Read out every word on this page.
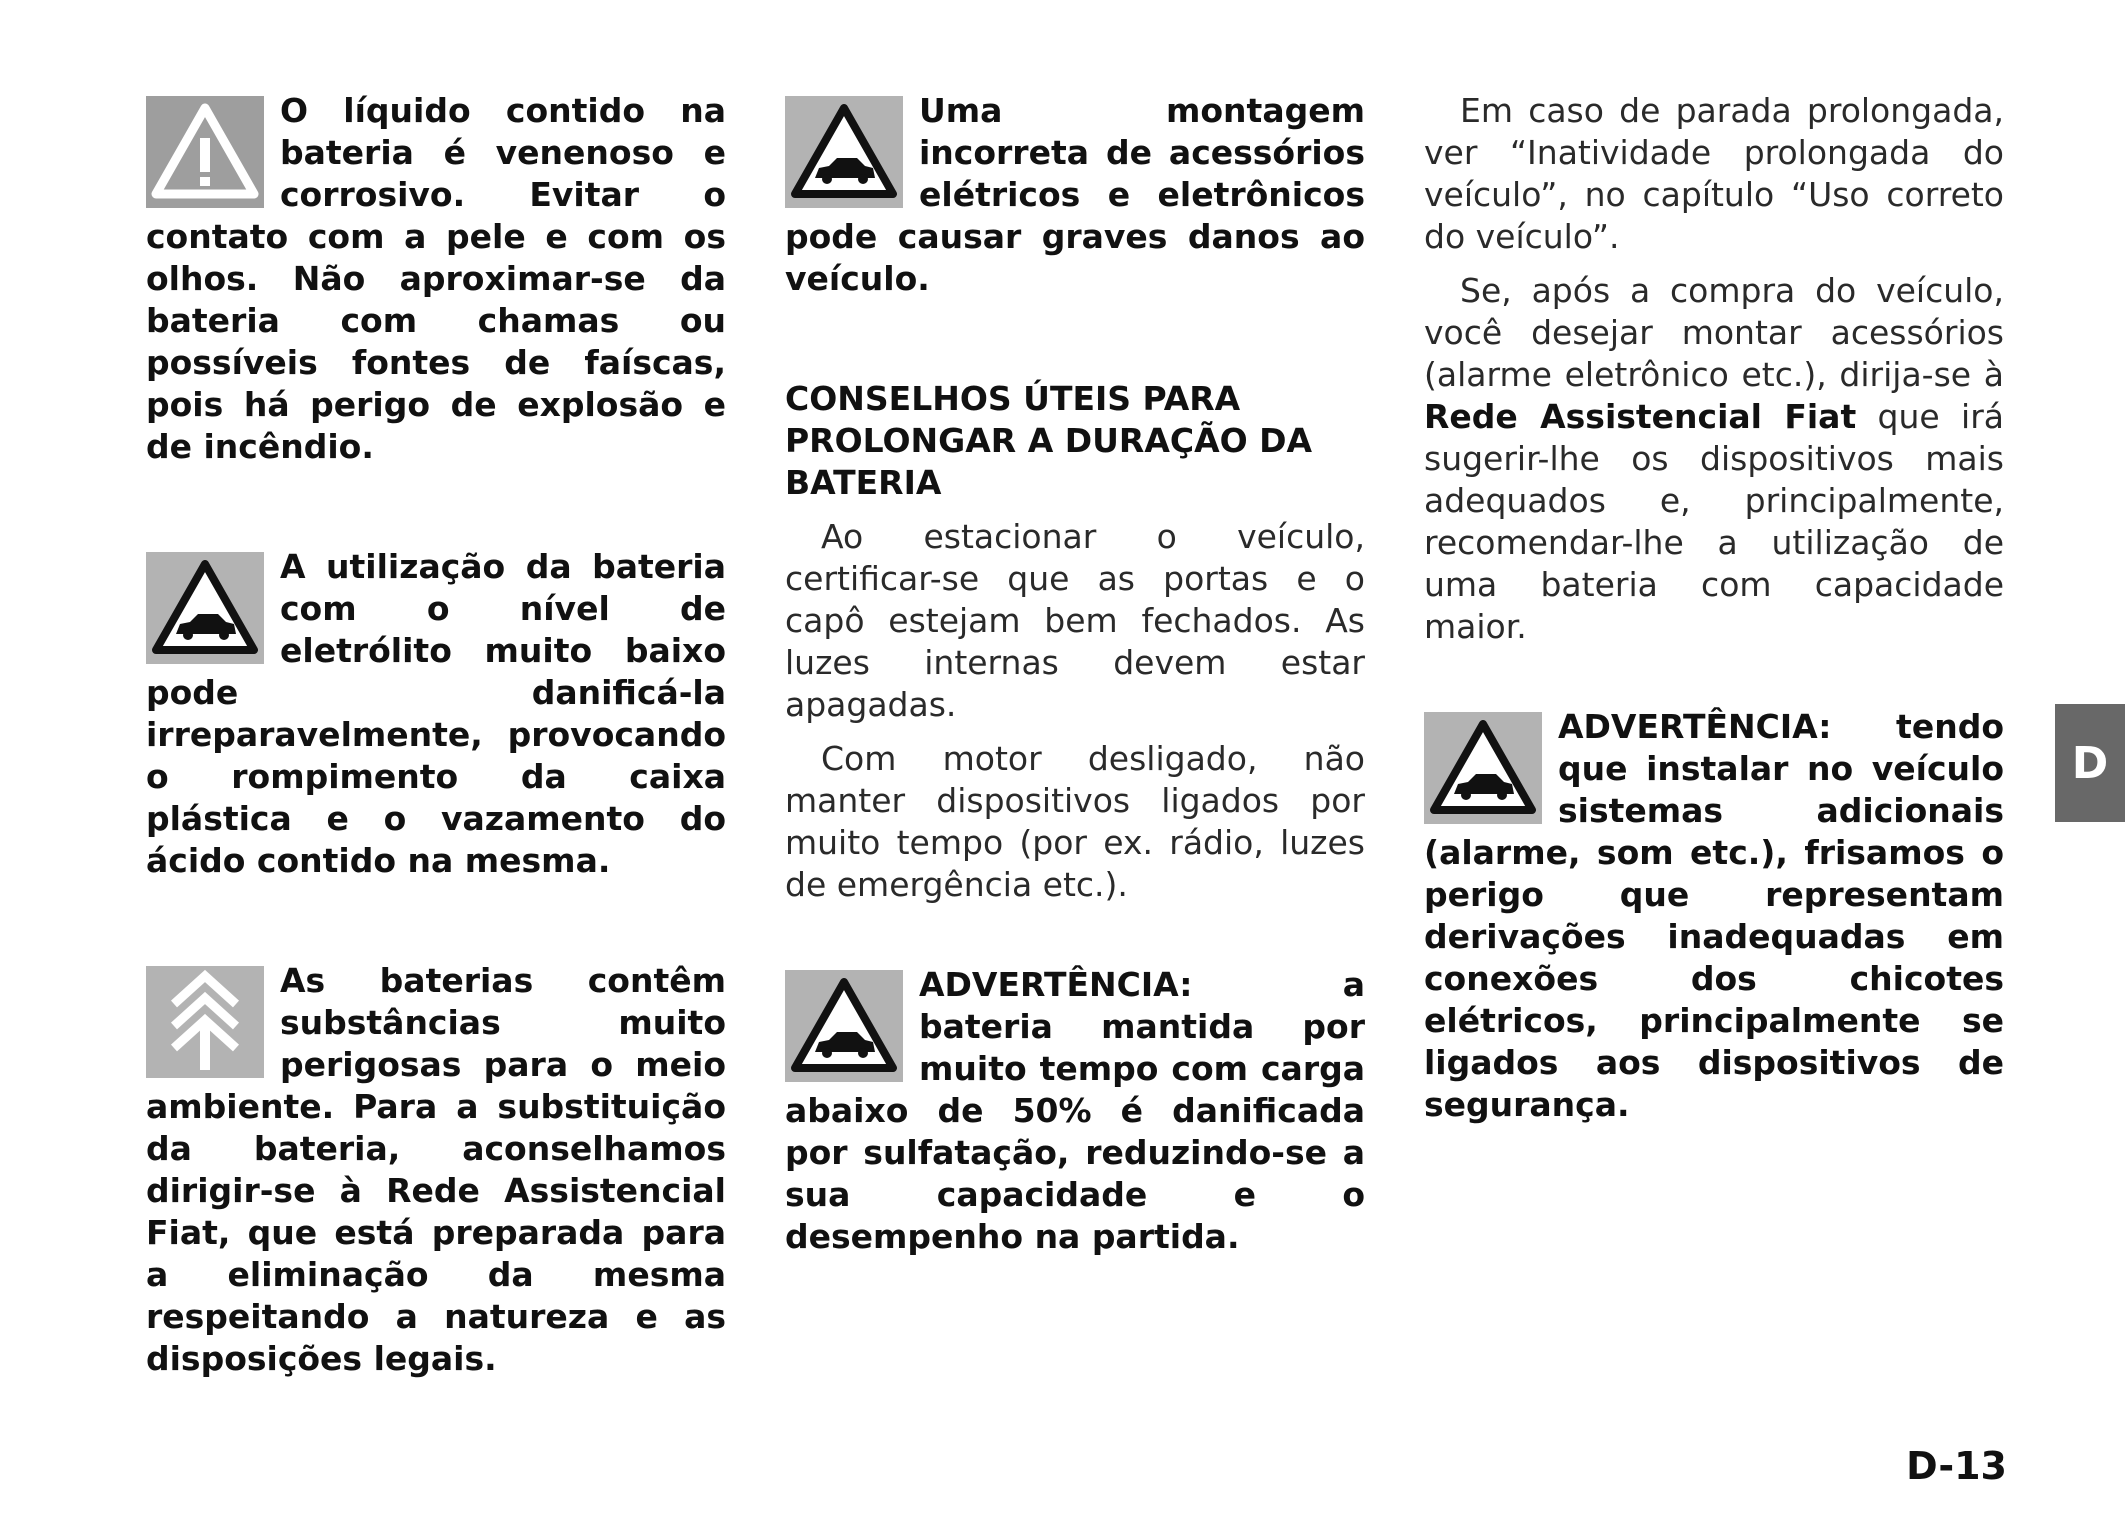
O líquido contido na bateria é venenoso e corrosivo. Evitar o contato com a pele e com os olhos. Não aproximar-se da bateria com chamas ou possíveis fontes de faíscas, pois há perigo de explosão e de incêndio.

A utilização da bateria com o nível de eletrólito muito baixo pode danificá-la irreparavelmente, provocando o rompimento da caixa plástica e o vazamento do ácido contido na mesma.

As baterias contêm substâncias muito perigosas para o meio ambiente. Para a substituição da bateria, aconselhamos dirigir-se à Rede Assistencial Fiat, que está preparada para a eliminação da mesma respeitando a natureza e as disposições legais.

Uma montagem incorreta de acessórios elétricos e eletrônicos pode causar graves danos ao veículo.

CONSELHOS ÚTEIS PARA PROLONGAR A DURAÇÃO DA BATERIA

Ao estacionar o veículo, certificar-se que as portas e o capô estejam bem fechados. As luzes internas devem estar apagadas.

Com motor desligado, não manter dispositivos ligados por muito tempo (por ex. rádio, luzes de emergência etc.).

ADVERTÊNCIA: a bateria mantida por muito tempo com carga abaixo de 50% é danificada por sulfatação, reduzindo-se a sua capacidade e o desempenho na partida.

Em caso de parada prolongada, ver “Inatividade prolongada do veículo”, no capítulo “Uso correto do veículo”.

Se, após a compra do veículo, você desejar montar acessórios (alarme eletrônico etc.), dirija-se à Rede Assistencial Fiat que irá sugerir-lhe os dispositivos mais adequados e, principalmente, recomendar-lhe a utilização de uma bateria com capacidade maior.

ADVERTÊNCIA: tendo que instalar no veículo sistemas adicionais (alarme, som etc.), frisamos o perigo que representam derivações inadequadas em conexões dos chicotes elétricos, principalmente se ligados aos dispositivos de segurança.

D
D-13
